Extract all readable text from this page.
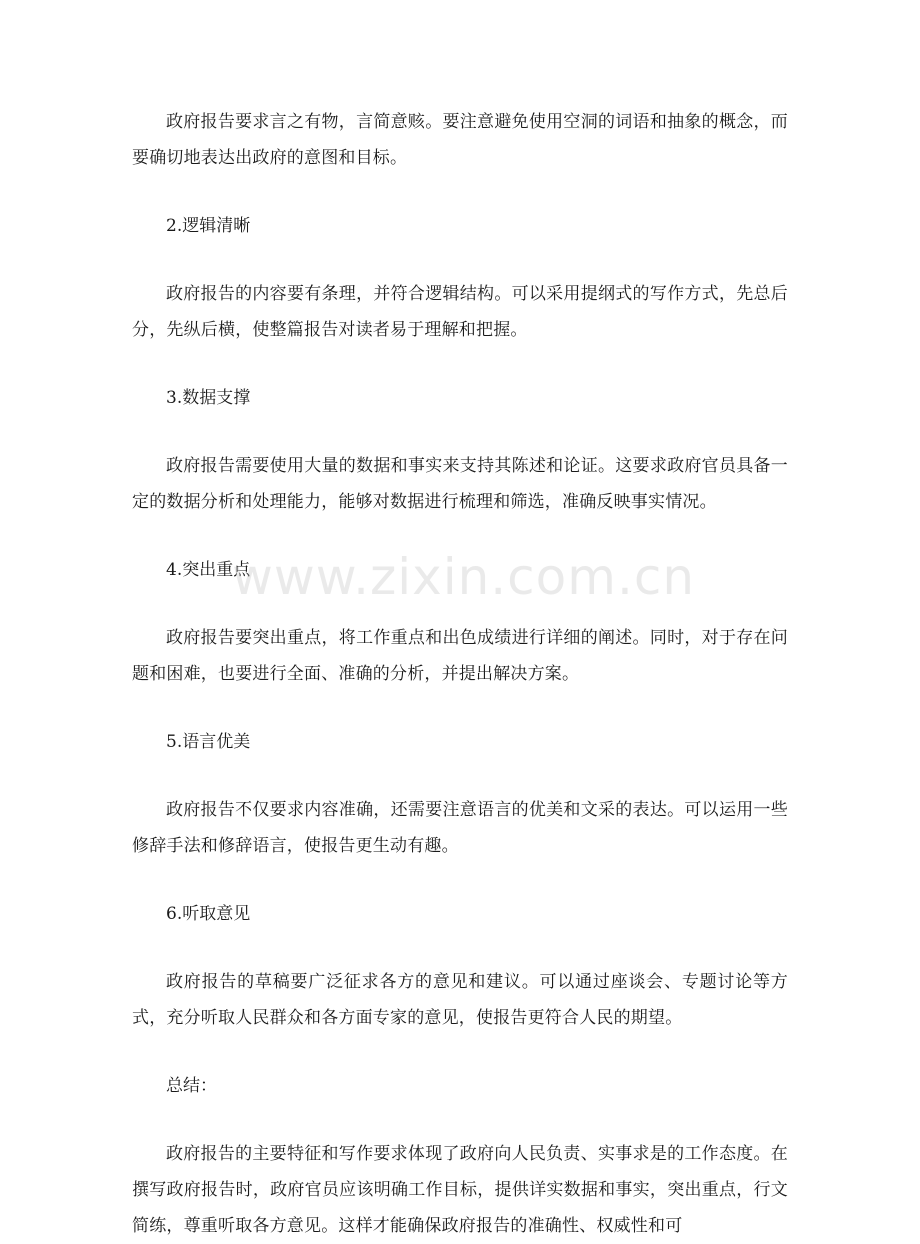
政府报告要求言之有物，言简意赅。要注意避免使用空洞的词语和抽象的概念，而要确切地表达出政府的意图和目标。

2.逻辑清晰

政府报告的内容要有条理，并符合逻辑结构。可以采用提纲式的写作方式，先总后分，先纵后横，使整篇报告对读者易于理解和把握。

3.数据支撑

政府报告需要使用大量的数据和事实来支持其陈述和论证。这要求政府官员具备一定的数据分析和处理能力，能够对数据进行梳理和筛选，准确反映事实情况。

4.突出重点

政府报告要突出重点，将工作重点和出色成绩进行详细的阐述。同时，对于存在问题和困难，也要进行全面、准确的分析，并提出解决方案。

5.语言优美

政府报告不仅要求内容准确，还需要注意语言的优美和文采的表达。可以运用一些修辞手法和修辞语言，使报告更生动有趣。

6.听取意见

政府报告的草稿要广泛征求各方的意见和建议。可以通过座谈会、专题讨论等方式，充分听取人民群众和各方面专家的意见，使报告更符合人民的期望。

总结：

政府报告的主要特征和写作要求体现了政府向人民负责、实事求是的工作态度。在撰写政府报告时，政府官员应该明确工作目标，提供详实数据和事实，突出重点，行文简练，尊重听取各方意见。这样才能确保政府报告的准确性、权威性和可

www.zixin.com.cn
